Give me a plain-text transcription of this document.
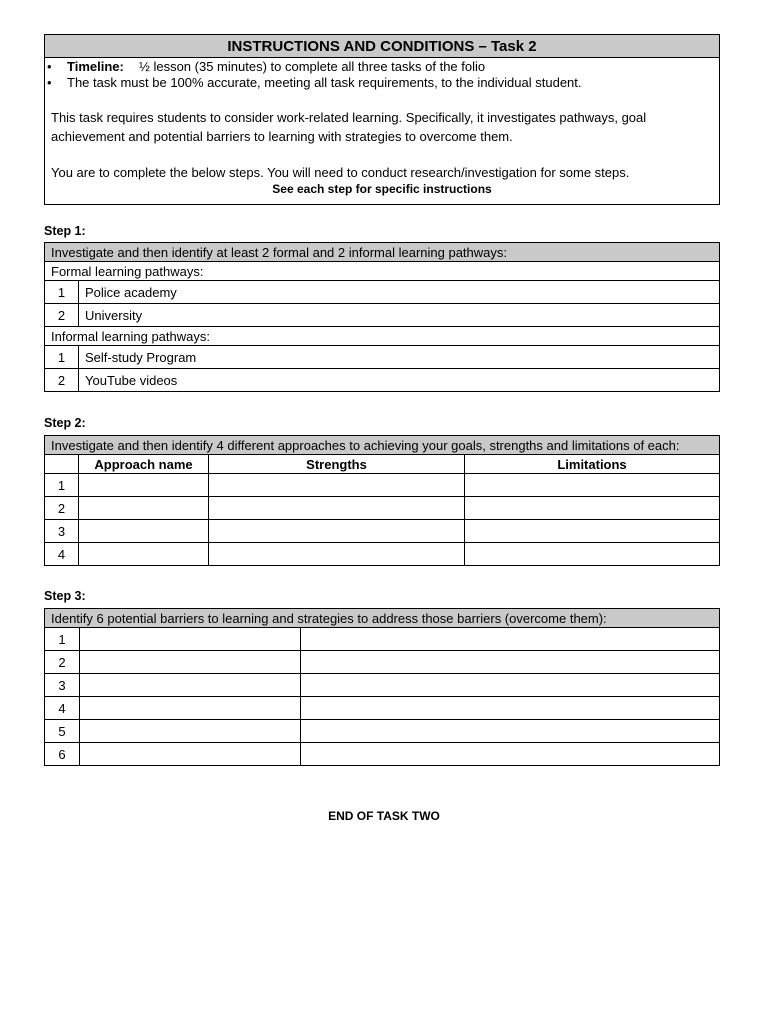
INSTRUCTIONS AND CONDITIONS – Task 2

•	Timeline:	½ lesson (35 minutes) to complete all three tasks of the folio
•	The task must be 100% accurate, meeting all task requirements, to the individual student.

This task requires students to consider work-related learning. Specifically, it investigates pathways, goal achievement and potential barriers to learning with strategies to overcome them.

You are to complete the below steps. You will need to conduct research/investigation for some steps.

See each step for specific instructions

Step 1:
Investigate and then identify at least 2 formal and 2 informal learning pathways:	
Formal learning pathways:	
1	Police academy
2	University
Informal learning pathways:	
1	Self-study Program
2	YouTube videos
Step 2:
Investigate and then identify 4 different approaches to achieving your goals, strengths and limitations of each:			
	Approach name	Strengths	Limitations
1			
2			
3			
4			
Step 3:
Identify 6 potential barriers to learning and strategies to address those barriers (overcome them):		
1		
2		
3		
4		
5		
6		
END OF TASK TWO
